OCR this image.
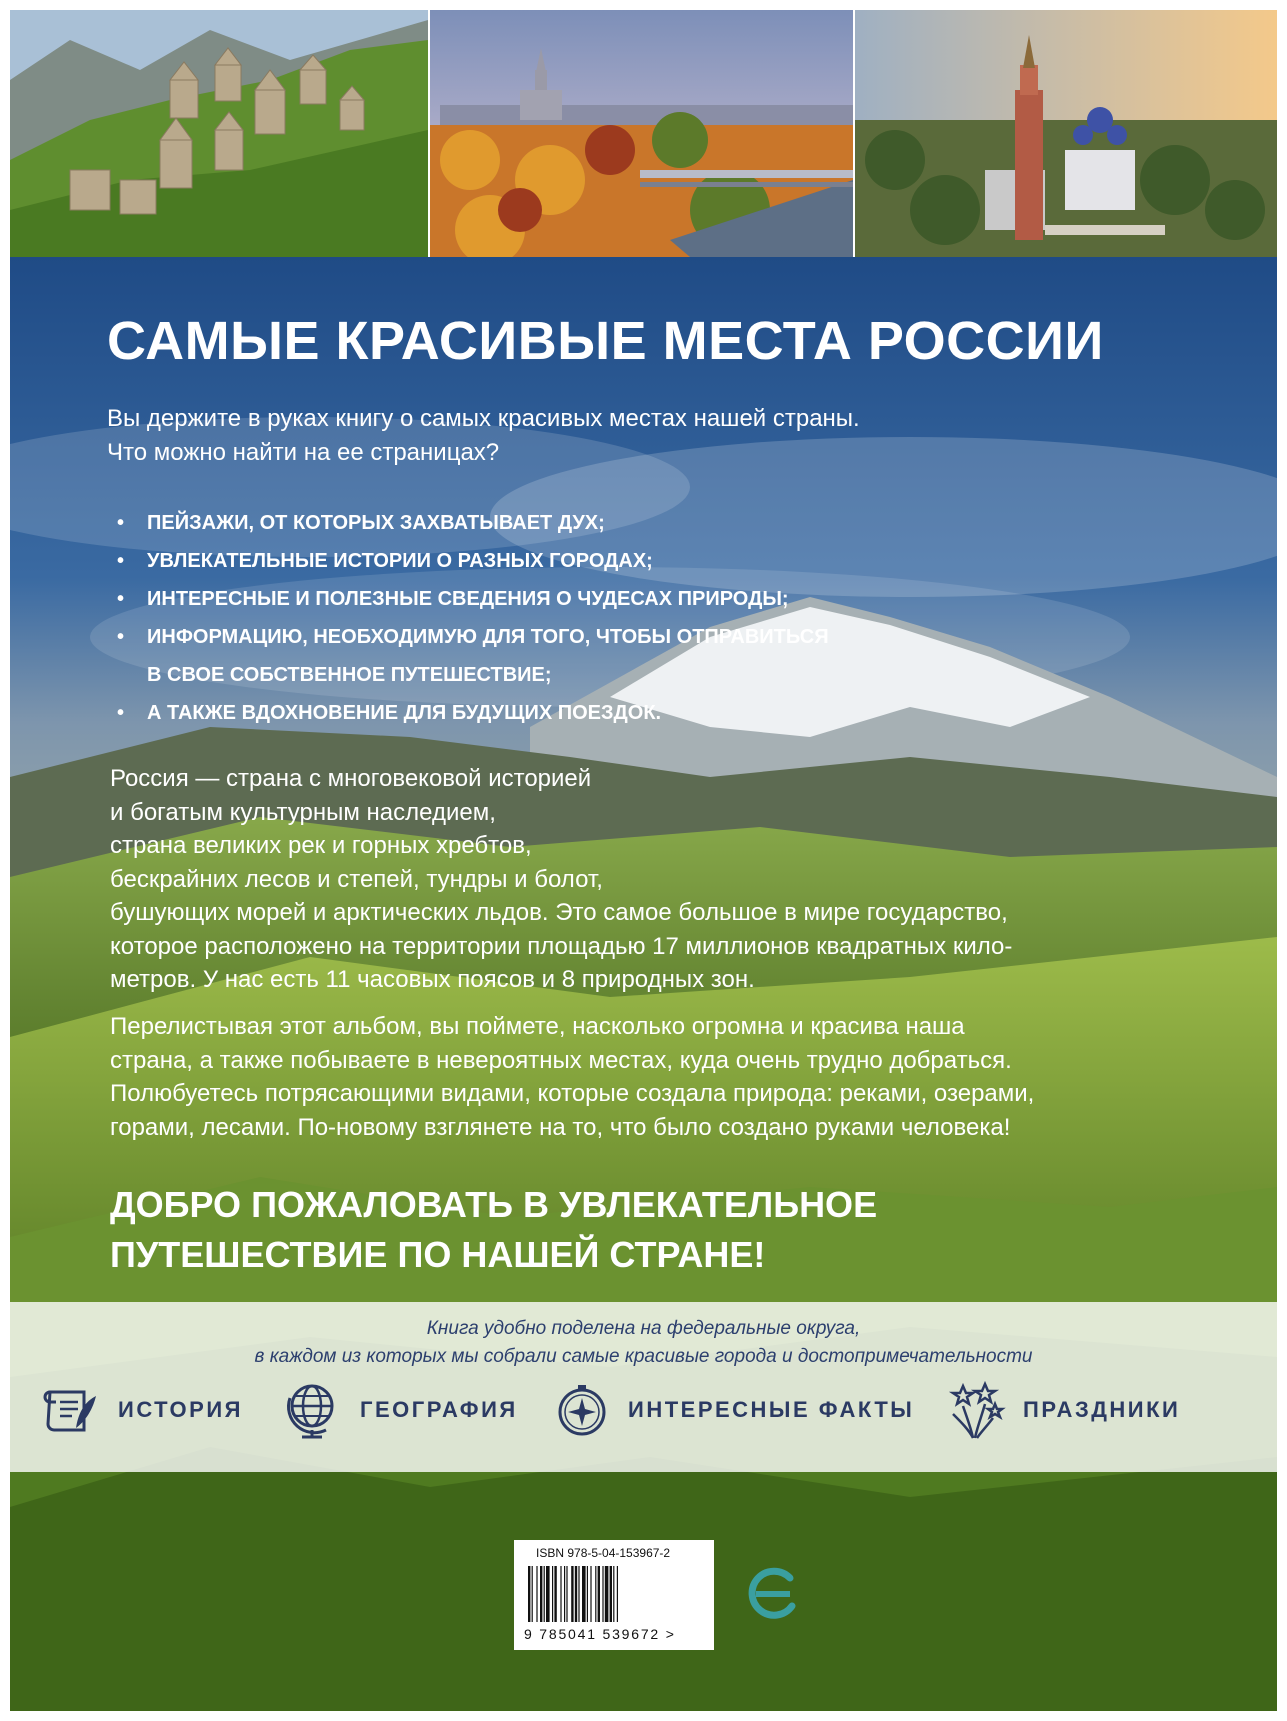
САМЫЕ КРАСИВЫЕ МЕСТА РОССИИ
Вы держите в руках книгу о самых красивых местах нашей страны.
Что можно найти на ее страницах?
• ПЕЙЗАЖИ, ОТ КОТОРЫХ ЗАХВАТЫВАЕТ ДУХ;
• УВЛЕКАТЕЛЬНЫЕ ИСТОРИИ О РАЗНЫХ ГОРОДАХ;
• ИНТЕРЕСНЫЕ И ПОЛЕЗНЫЕ СВЕДЕНИЯ О ЧУДЕСАХ ПРИРОДЫ;
• ИНФОРМАЦИЮ, НЕОБХОДИМУЮ ДЛЯ ТОГО, ЧТОБЫ ОТПРАВИТЬСЯ
В СВОЕ СОБСТВЕННОЕ ПУТЕШЕСТВИЕ;
• А ТАКЖЕ ВДОХНОВЕНИЕ ДЛЯ БУДУЩИХ ПОЕЗДОК.
Россия — страна с многовековой историей
и богатым культурным наследием,
страна великих рек и горных хребтов,
бескрайних лесов и степей, тундры и болот,
бушующих морей и арктических льдов. Это самое большое в мире государство,
которое расположено на территории площадью 17 миллионов квадратных кило-
метров. У нас есть 11 часовых поясов и 8 природных зон.
Перелистывая этот альбом, вы поймете, насколько огромна и красива наша
страна, а также побываете в невероятных местах, куда очень трудно добраться.
Полюбуетесь потрясающими видами, которые создала природа: реками, озерами,
горами, лесами. По-новому взглянете на то, что было создано руками человека!
ДОБРО ПОЖАЛОВАТЬ В УВЛЕКАТЕЛЬНОЕ
ПУТЕШЕСТВИЕ ПО НАШЕЙ СТРАНЕ!
Книга удобно поделена на федеральные округа,
в каждом из которых мы собрали самые красивые города и достопримечательности
ИСТОРИЯ	ГЕОГРАФИЯ	ИНТЕРЕСНЫЕ ФАКТЫ	ПРАЗДНИКИ
ISBN 978-5-04-153967-2
9 785041 539672 >
